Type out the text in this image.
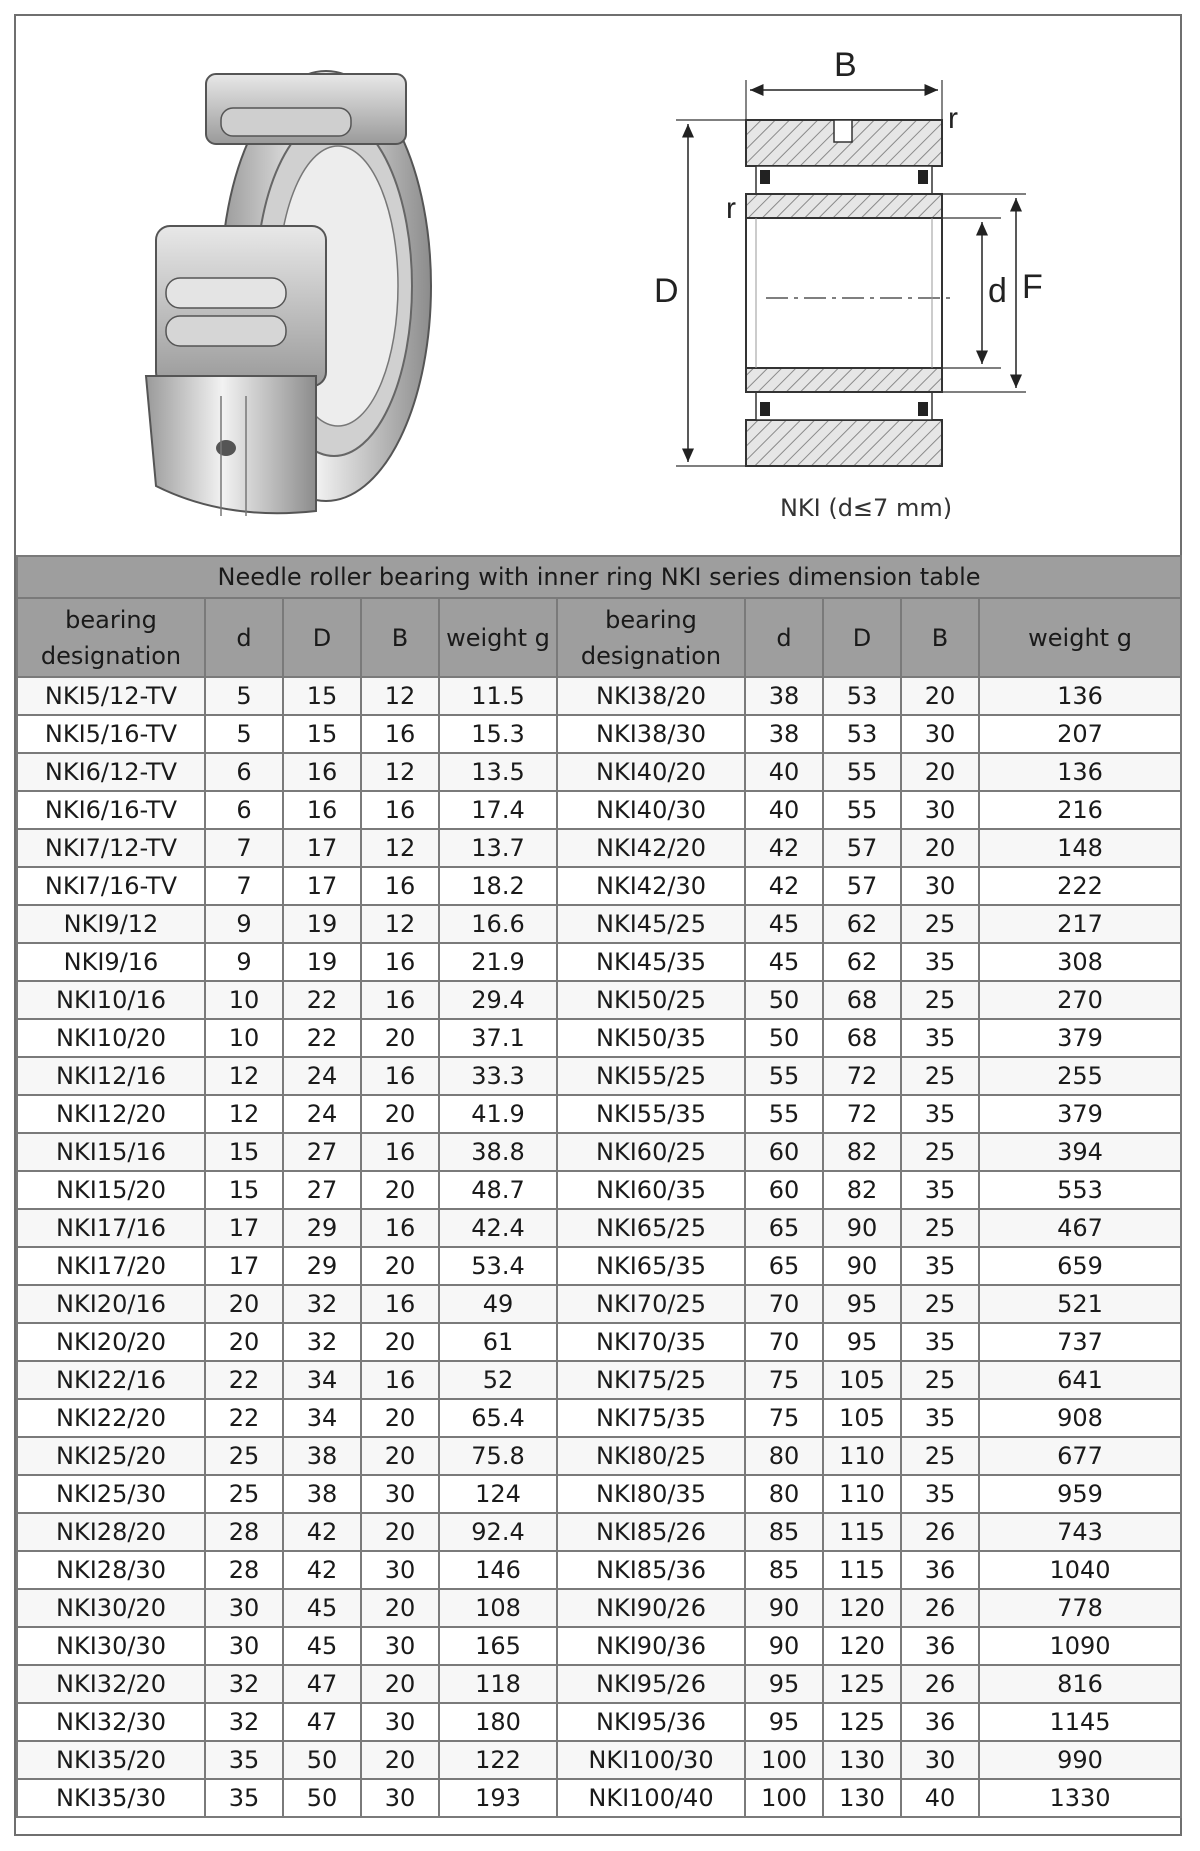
B
r
r
D	d F
NKI (d≤7 mm)
Needle roller bearing with inner ring NKI series dimension table									
bearing designation	d	D	B	weight g	bearing designation	d	D	B	weight g
NKI5/12-TV	5	15	12	11.5	NKI38/20	38	53	20	136
NKI5/16-TV	5	15	16	15.3	NKI38/30	38	53	30	207
NKI6/12-TV	6	16	12	13.5	NKI40/20	40	55	20	136
NKI6/16-TV	6	16	16	17.4	NKI40/30	40	55	30	216
NKI7/12-TV	7	17	12	13.7	NKI42/20	42	57	20	148
NKI7/16-TV	7	17	16	18.2	NKI42/30	42	57	30	222
NKI9/12	9	19	12	16.6	NKI45/25	45	62	25	217
NKI9/16	9	19	16	21.9	NKI45/35	45	62	35	308
NKI10/16	10	22	16	29.4	NKI50/25	50	68	25	270
NKI10/20	10	22	20	37.1	NKI50/35	50	68	35	379
NKI12/16	12	24	16	33.3	NKI55/25	55	72	25	255
NKI12/20	12	24	20	41.9	NKI55/35	55	72	35	379
NKI15/16	15	27	16	38.8	NKI60/25	60	82	25	394
NKI15/20	15	27	20	48.7	NKI60/35	60	82	35	553
NKI17/16	17	29	16	42.4	NKI65/25	65	90	25	467
NKI17/20	17	29	20	53.4	NKI65/35	65	90	35	659
NKI20/16	20	32	16	49	NKI70/25	70	95	25	521
NKI20/20	20	32	20	61	NKI70/35	70	95	35	737
NKI22/16	22	34	16	52	NKI75/25	75	105	25	641
NKI22/20	22	34	20	65.4	NKI75/35	75	105	35	908
NKI25/20	25	38	20	75.8	NKI80/25	80	110	25	677
NKI25/30	25	38	30	124	NKI80/35	80	110	35	959
NKI28/20	28	42	20	92.4	NKI85/26	85	115	26	743
NKI28/30	28	42	30	146	NKI85/36	85	115	36	1040
NKI30/20	30	45	20	108	NKI90/26	90	120	26	778
NKI30/30	30	45	30	165	NKI90/36	90	120	36	1090
NKI32/20	32	47	20	118	NKI95/26	95	125	26	816
NKI32/30	32	47	30	180	NKI95/36	95	125	36	1145
NKI35/20	35	50	20	122	NKI100/30	100	130	30	990
NKI35/30	35	50	30	193	NKI100/40	100	130	40	1330
